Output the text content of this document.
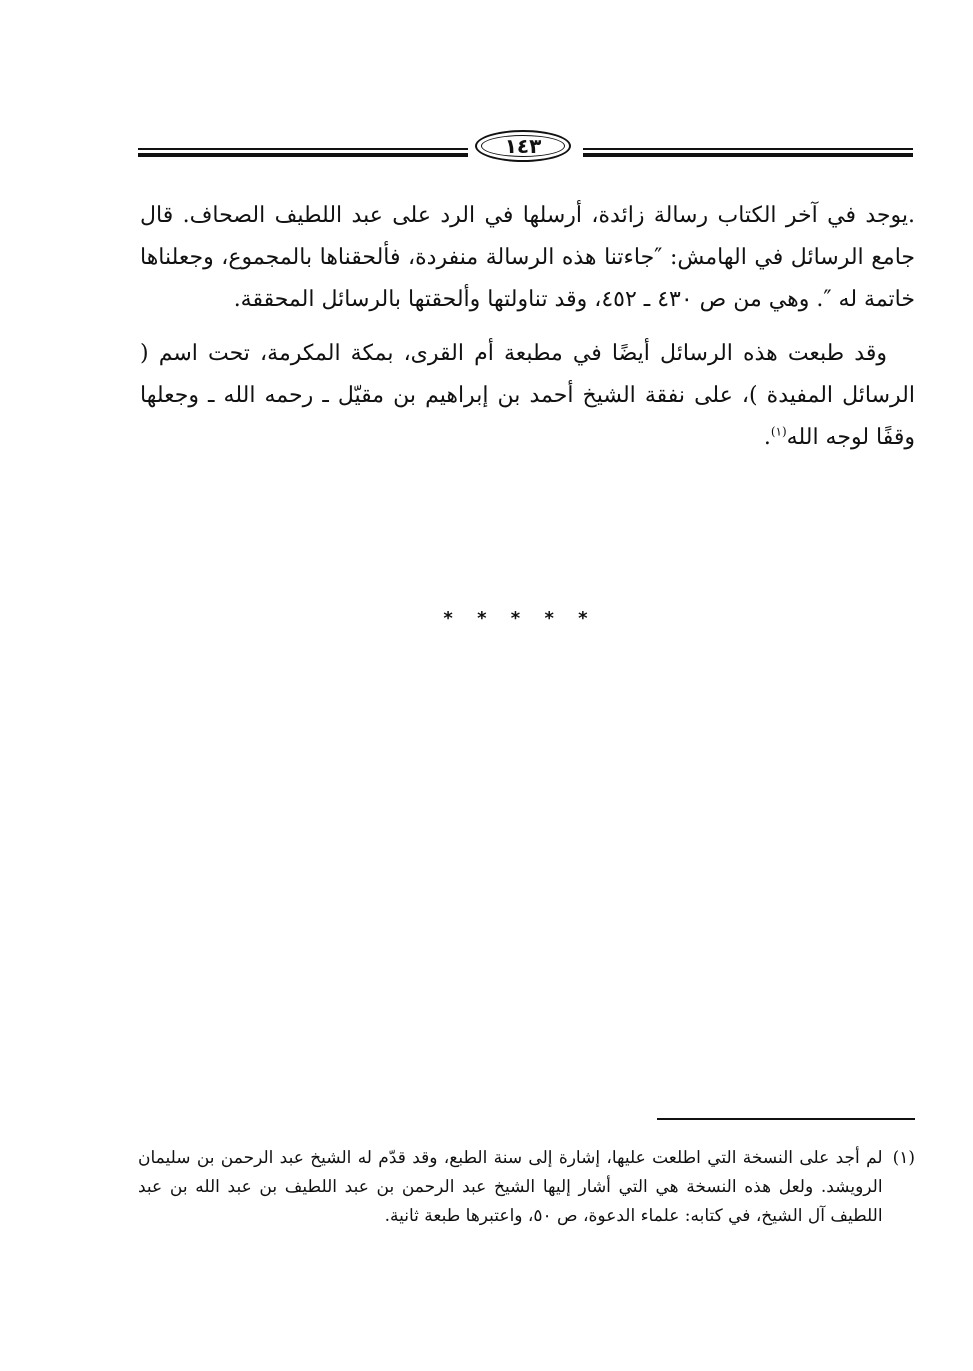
١٤٣

.يوجد في آخر الكتاب رسالة زائدة، أرسلها في الرد على عبد اللطيف الصحاف. قال جامع الرسائل في الهامش: ″جاءتنا هذه الرسالة منفردة، فألحقناها بالمجموع، وجعلناها خاتمة له ″. وهي من ص ٤٣٠ ـ ٤٥٢، وقد تناولتها وألحقتها بالرسائل المحققة.

وقد طبعت هذه الرسائل أيضًا في مطبعة أم القرى، بمكة المكرمة، تحت اسم ( الرسائل المفيدة )، على نفقة الشيخ أحمد بن إبراهيم بن مقيّل ـ رحمه الله ـ وجعلها وقفًا لوجه الله$^{(١)}$.

* * * * *
(١)
لم أجد على النسخة التي اطلعت عليها، إشارة إلى سنة الطبع، وقد قدّم له الشيخ عبد الرحمن بن سليمان الرويشد. ولعل هذه النسخة هي التي أشار إليها الشيخ عبد الرحمن بن عبد اللطيف بن عبد الله بن عبد اللطيف آل الشيخ، في كتابه: علماء الدعوة، ص ٥٠، واعتبرها طبعة ثانية.
